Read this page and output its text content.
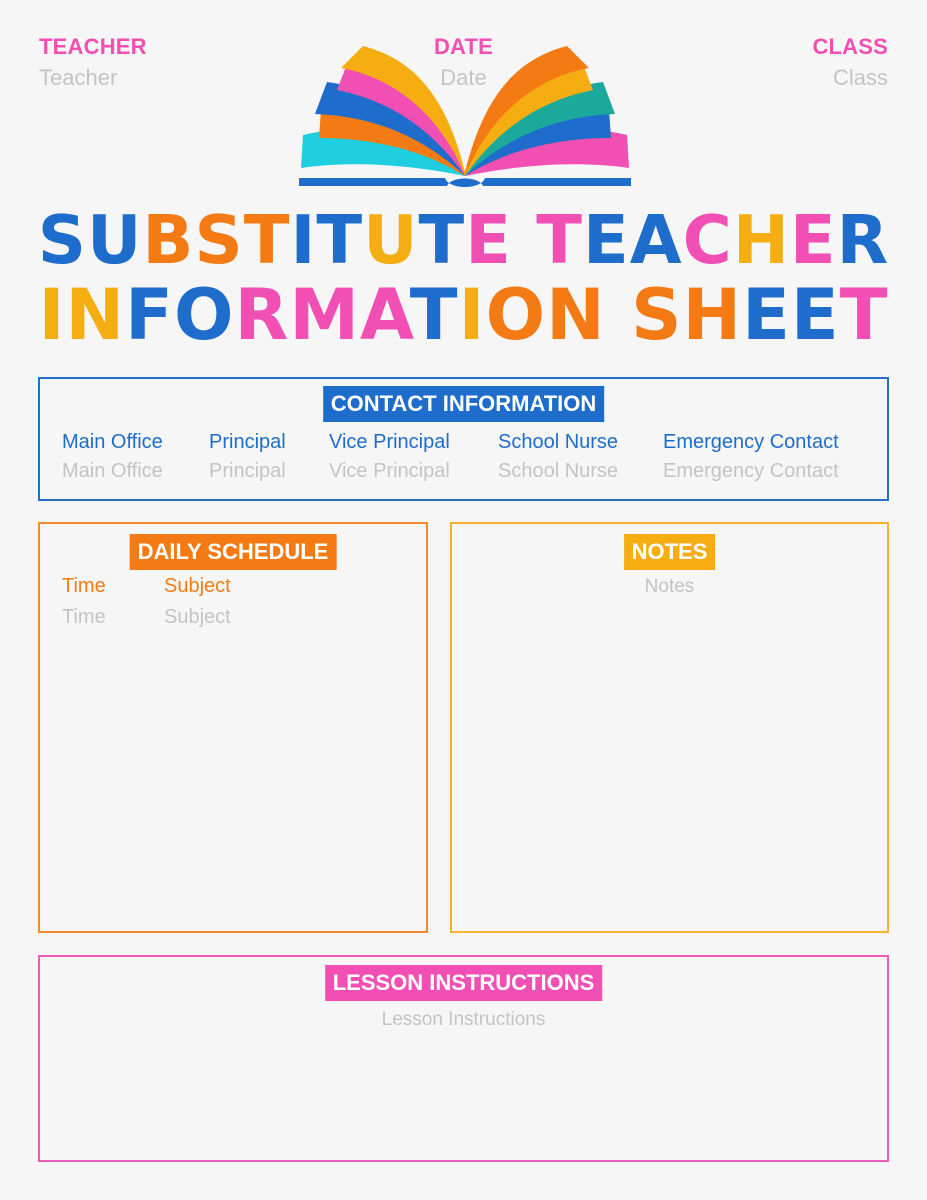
TEACHER
Teacher
DATE
Date
CLASS
Class
SUBSTITUTE TEACHER
INFORMATION SHEET
CONTACT INFORMATION
Main Office
Main Office
Principal
Principal
Vice Principal
Vice Principal
School Nurse
School Nurse
Emergency Contact
Emergency Contact
DAILY SCHEDULE
Time
Time
Subject
Subject
NOTES
Notes
LESSON INSTRUCTIONS
Lesson Instructions
